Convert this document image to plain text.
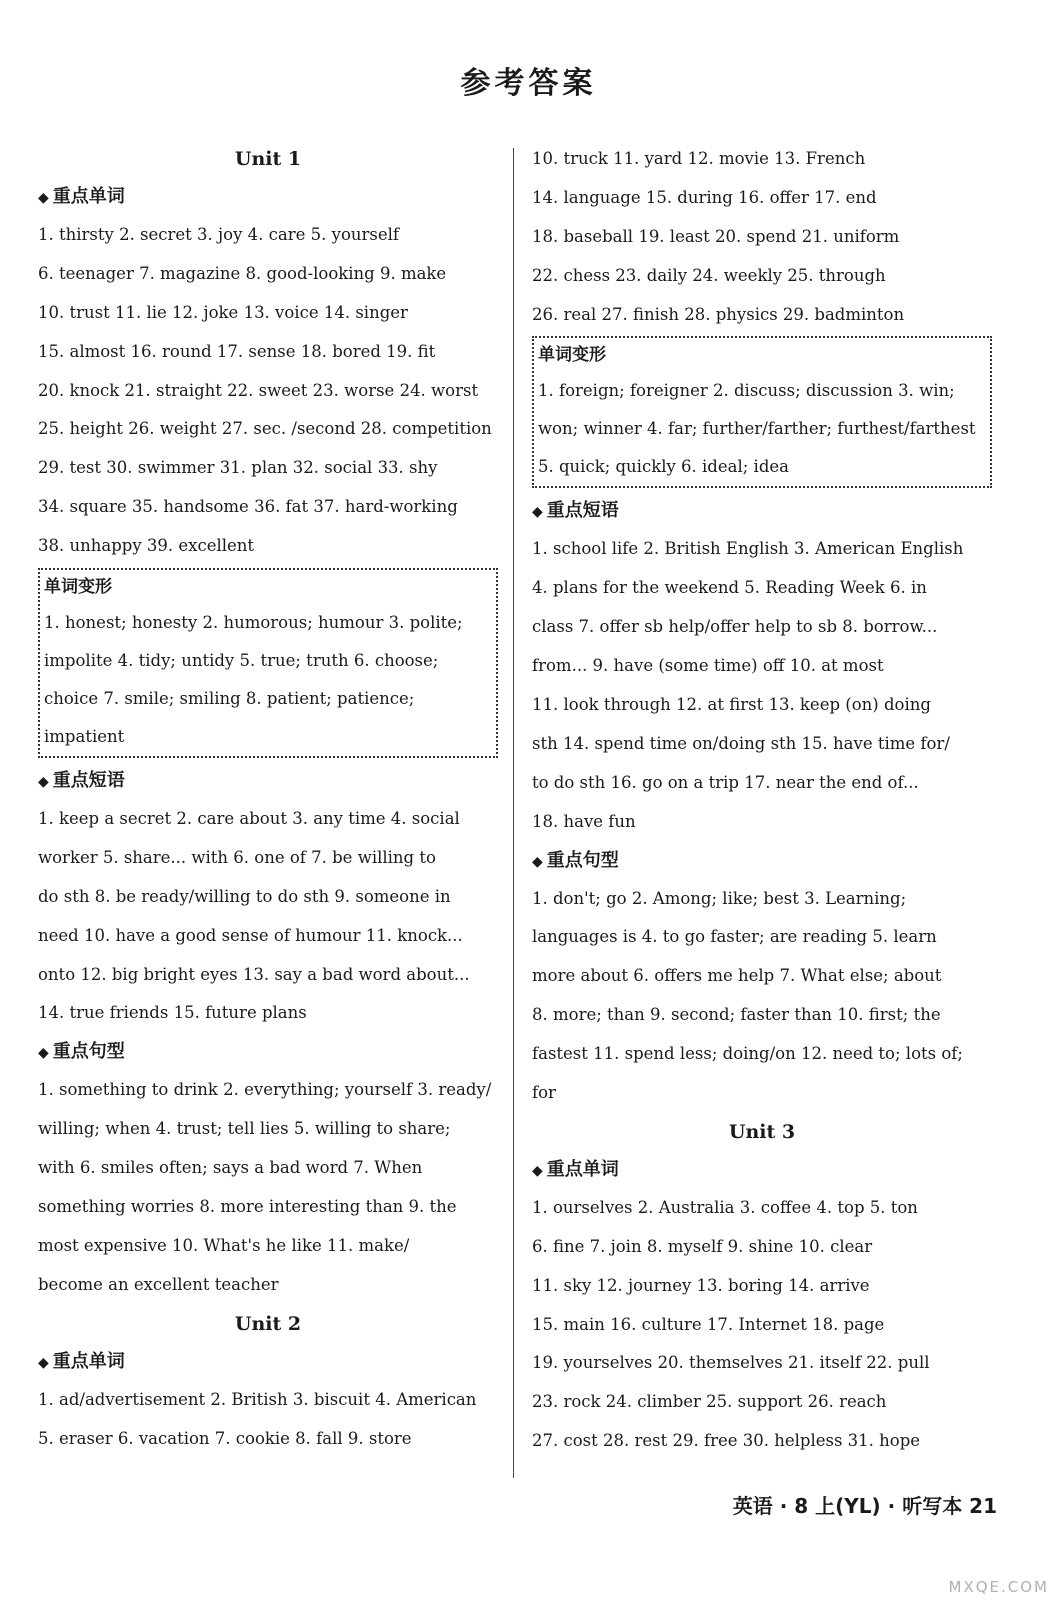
参考答案
Unit 1
◆ 重点单词
1. thirsty 2. secret 3. joy 4. care 5. yourself
6. teenager 7. magazine 8. good-looking 9. make
10. trust 11. lie 12. joke 13. voice 14. singer
15. almost 16. round 17. sense 18. bored 19. fit
20. knock 21. straight 22. sweet 23. worse 24. worst
25. height 26. weight 27. sec. /second 28. competition
29. test 30. swimmer 31. plan 32. social 33. shy
34. square 35. handsome 36. fat 37. hard-working
38. unhappy 39. excellent
单词变形
1. honest; honesty 2. humorous; humour 3. polite;
impolite 4. tidy; untidy 5. true; truth 6. choose;
choice 7. smile; smiling 8. patient; patience;
impatient
◆ 重点短语
1. keep a secret 2. care about 3. any time 4. social
worker 5. share... with 6. one of 7. be willing to
do sth 8. be ready/willing to do sth 9. someone in
need 10. have a good sense of humour 11. knock...
onto 12. big bright eyes 13. say a bad word about...
14. true friends 15. future plans
◆ 重点句型
1. something to drink 2. everything; yourself 3. ready/
willing; when 4. trust; tell lies 5. willing to share;
with 6. smiles often; says a bad word 7. When
something worries 8. more interesting than 9. the
most expensive 10. What's he like 11. make/
become an excellent teacher
Unit 2
◆ 重点单词
1. ad/advertisement 2. British 3. biscuit 4. American
5. eraser 6. vacation 7. cookie 8. fall 9. store
10. truck 11. yard 12. movie 13. French
14. language 15. during 16. offer 17. end
18. baseball 19. least 20. spend 21. uniform
22. chess 23. daily 24. weekly 25. through
26. real 27. finish 28. physics 29. badminton
单词变形
1. foreign; foreigner 2. discuss; discussion 3. win;
won; winner 4. far; further/farther; furthest/farthest
5. quick; quickly 6. ideal; idea
◆ 重点短语
1. school life 2. British English 3. American English
4. plans for the weekend 5. Reading Week 6. in
class 7. offer sb help/offer help to sb 8. borrow...
from... 9. have (some time) off 10. at most
11. look through 12. at first 13. keep (on) doing
sth 14. spend time on/doing sth 15. have time for/
to do sth 16. go on a trip 17. near the end of...
18. have fun
◆ 重点句型
1. don't; go 2. Among; like; best 3. Learning;
languages is 4. to go faster; are reading 5. learn
more about 6. offers me help 7. What else; about
8. more; than 9. second; faster than 10. first; the
fastest 11. spend less; doing/on 12. need to; lots of;
for
Unit 3
◆ 重点单词
1. ourselves 2. Australia 3. coffee 4. top 5. ton
6. fine 7. join 8. myself 9. shine 10. clear
11. sky 12. journey 13. boring 14. arrive
15. main 16. culture 17. Internet 18. page
19. yourselves 20. themselves 21. itself 22. pull
23. rock 24. climber 25. support 26. reach
27. cost 28. rest 29. free 30. helpless 31. hope
英语 · 8 上(YL) · 听写本 21
MXQE.COM
